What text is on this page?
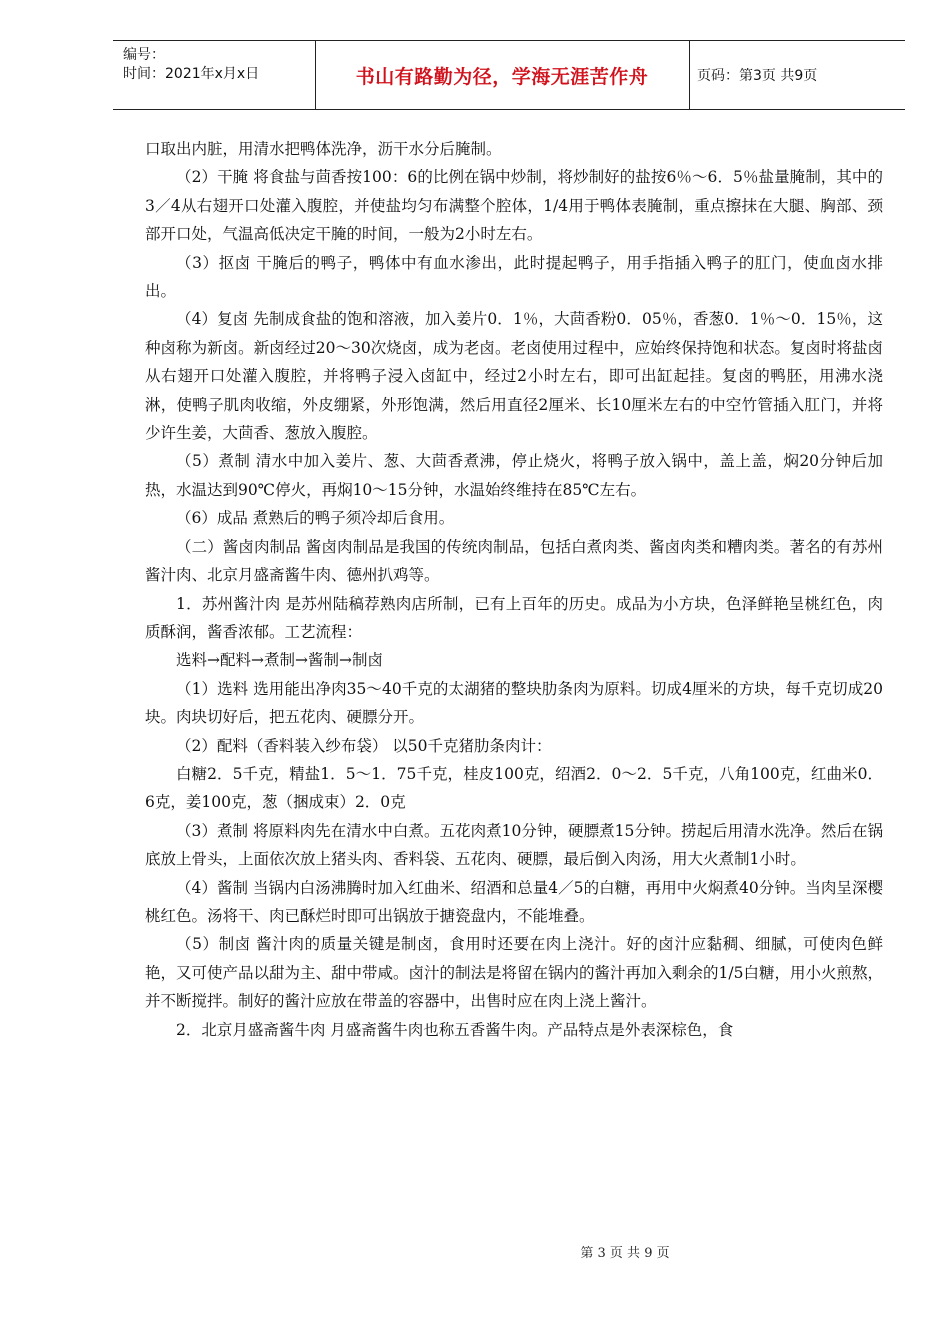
编号：
时间：2021年x月x日	书山有路勤为径，学海无涯苦作舟	页码：第3页 共9页

口取出内脏，用清水把鸭体洗净，沥干水分后腌制。

（2）干腌 将食盐与茴香按100：6的比例在锅中炒制，将炒制好的盐按6％～6．5％盐量腌制，其中的3／4从右翅开口处灌入腹腔，并使盐均匀布满整个腔体，1/4用于鸭体表腌制，重点擦抹在大腿、胸部、颈部开口处，气温高低决定干腌的时间，一般为2小时左右。

（3）抠卤 干腌后的鸭子，鸭体中有血水渗出，此时提起鸭子，用手指插入鸭子的肛门，使血卤水排出。

（4）复卤 先制成食盐的饱和溶液，加入姜片0．1％，大茴香粉0．05％，香葱0．1％～0．15％，这种卤称为新卤。新卤经过20～30次烧卤，成为老卤。老卤使用过程中，应始终保持饱和状态。复卤时将盐卤从右翅开口处灌入腹腔，并将鸭子浸入卤缸中，经过2小时左右，即可出缸起挂。复卤的鸭胚，用沸水浇淋，使鸭子肌肉收缩，外皮绷紧，外形饱满，然后用直径2厘米、长10厘米左右的中空竹管插入肛门，并将少许生姜，大茴香、葱放入腹腔。

（5）煮制 清水中加入姜片、葱、大茴香煮沸，停止烧火，将鸭子放入锅中，盖上盖，焖20分钟后加热，水温达到90℃停火，再焖10～15分钟，水温始终维持在85℃左右。

（6）成品 煮熟后的鸭子须冷却后食用。

（二）酱卤肉制品 酱卤肉制品是我国的传统肉制品，包括白煮肉类、酱卤肉类和糟肉类。著名的有苏州酱汁肉、北京月盛斋酱牛肉、德州扒鸡等。

1．苏州酱汁肉 是苏州陆稿荐熟肉店所制，已有上百年的历史。成品为小方块，色泽鲜艳呈桃红色，肉质酥润，酱香浓郁。工艺流程：

选料→配料→煮制→酱制→制卤

（1）选料 选用能出净肉35～40千克的太湖猪的整块肋条肉为原料。切成4厘米的方块，每千克切成20块。肉块切好后，把五花肉、硬膘分开。

（2）配料（香料装入纱布袋） 以50千克猪肋条肉计：

白糖2．5千克，精盐1．5～1．75千克，桂皮100克，绍酒2．0～2．5千克，八角100克，红曲米0．6克，姜100克，葱（捆成束）2．0克

（3）煮制 将原料肉先在清水中白煮。五花肉煮10分钟，硬膘煮15分钟。捞起后用清水洗净。然后在锅底放上骨头，上面依次放上猪头肉、香料袋、五花肉、硬膘，最后倒入肉汤，用大火煮制1小时。

（4）酱制 当锅内白汤沸腾时加入红曲米、绍酒和总量4／5的白糖，再用中火焖煮40分钟。当肉呈深樱桃红色。汤将干、肉已酥烂时即可出锅放于搪瓷盘内，不能堆叠。

（5）制卤 酱汁肉的质量关键是制卤，食用时还要在肉上浇汁。好的卤汁应黏稠、细腻，可使肉色鲜艳，又可使产品以甜为主、甜中带咸。卤汁的制法是将留在锅内的酱汁再加入剩余的1/5白糖，用小火煎熬，并不断搅拌。制好的酱汁应放在带盖的容器中，出售时应在肉上浇上酱汁。

2．北京月盛斋酱牛肉 月盛斋酱牛肉也称五香酱牛肉。产品特点是外表深棕色，食

第 3 页 共 9 页
